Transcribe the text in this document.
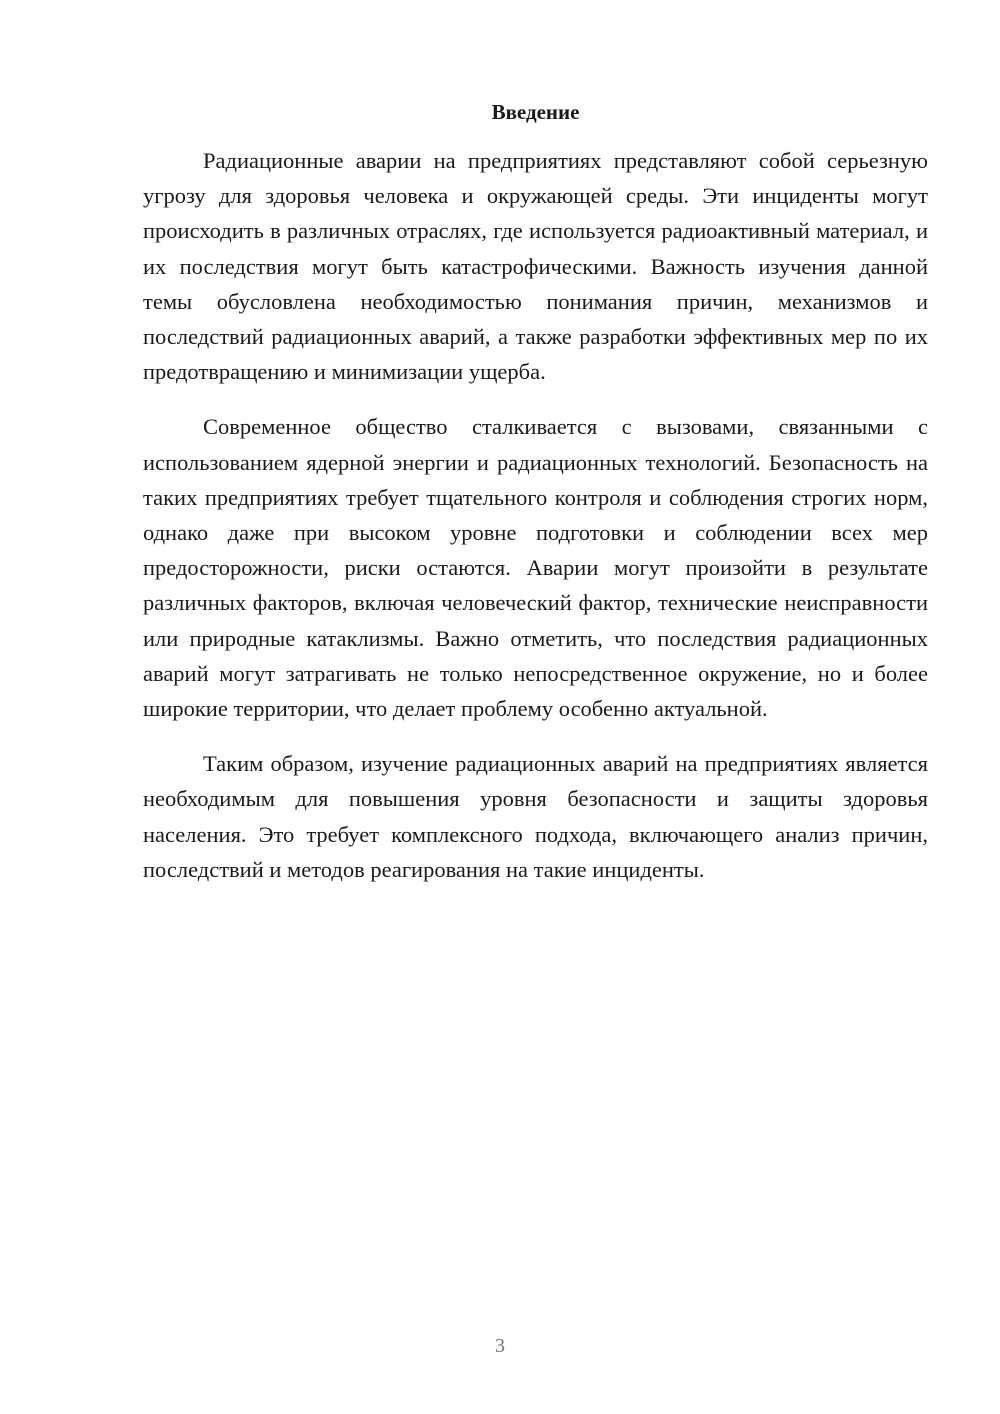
Введение

Радиационные аварии на предприятиях представляют собой серьезную угрозу для здоровья человека и окружающей среды. Эти инциденты могут происходить в различных отраслях, где используется радиоактивный материал, и их последствия могут быть катастрофическими. Важность изучения данной темы обусловлена необходимостью понимания причин, механизмов и последствий радиационных аварий, а также разработки эффективных мер по их предотвращению и минимизации ущерба.

Современное общество сталкивается с вызовами, связанными с использованием ядерной энергии и радиационных технологий. Безопасность на таких предприятиях требует тщательного контроля и соблюдения строгих норм, однако даже при высоком уровне подготовки и соблюдении всех мер предосторожности, риски остаются. Аварии могут произойти в результате различных факторов, включая человеческий фактор, технические неисправности или природные катаклизмы. Важно отметить, что последствия радиационных аварий могут затрагивать не только непосредственное окружение, но и более широкие территории, что делает проблему особенно актуальной.

Таким образом, изучение радиационных аварий на предприятиях является необходимым для повышения уровня безопасности и защиты здоровья населения. Это требует комплексного подхода, включающего анализ причин, последствий и методов реагирования на такие инциденты.

3
